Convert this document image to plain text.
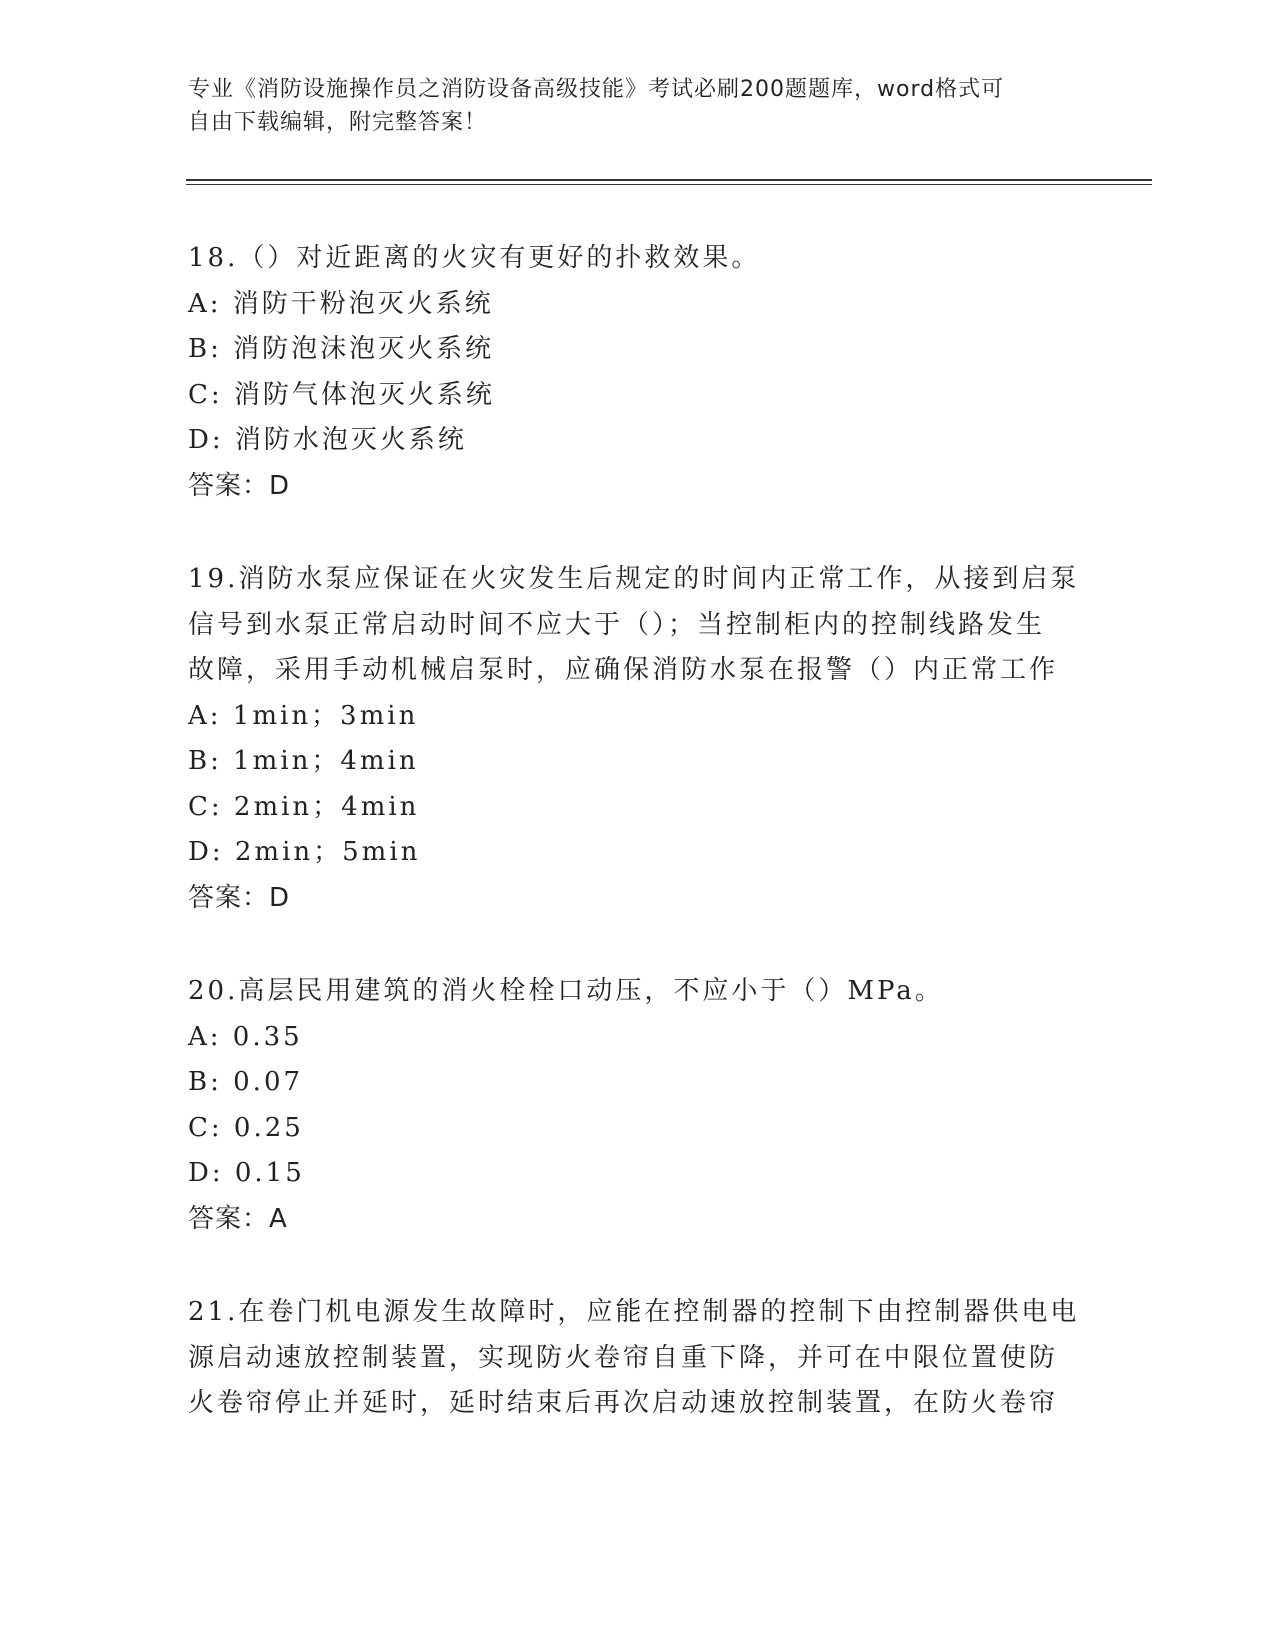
专业《消防设施操作员之消防设备高级技能》考试必刷200题题库，word格式可
自由下载编辑，附完整答案！
18.（）对近距离的火灾有更好的扑救效果。
A: 消防干粉泡灭火系统
B: 消防泡沫泡灭火系统
C: 消防气体泡灭火系统
D: 消防水泡灭火系统
答案：D
19.消防水泵应保证在火灾发生后规定的时间内正常工作，从接到启泵
信号到水泵正常启动时间不应大于（）；当控制柜内的控制线路发生
故障，采用手动机械启泵时，应确保消防水泵在报警（）内正常工作
A: 1min；3min
B: 1min；4min
C: 2min；4min
D: 2min；5min
答案：D
20.高层民用建筑的消火栓栓口动压，不应小于（）MPa。
A: 0.35
B: 0.07
C: 0.25
D: 0.15
答案：A
21.在卷门机电源发生故障时，应能在控制器的控制下由控制器供电电
源启动速放控制装置，实现防火卷帘自重下降，并可在中限位置使防
火卷帘停止并延时，延时结束后再次启动速放控制装置，在防火卷帘
